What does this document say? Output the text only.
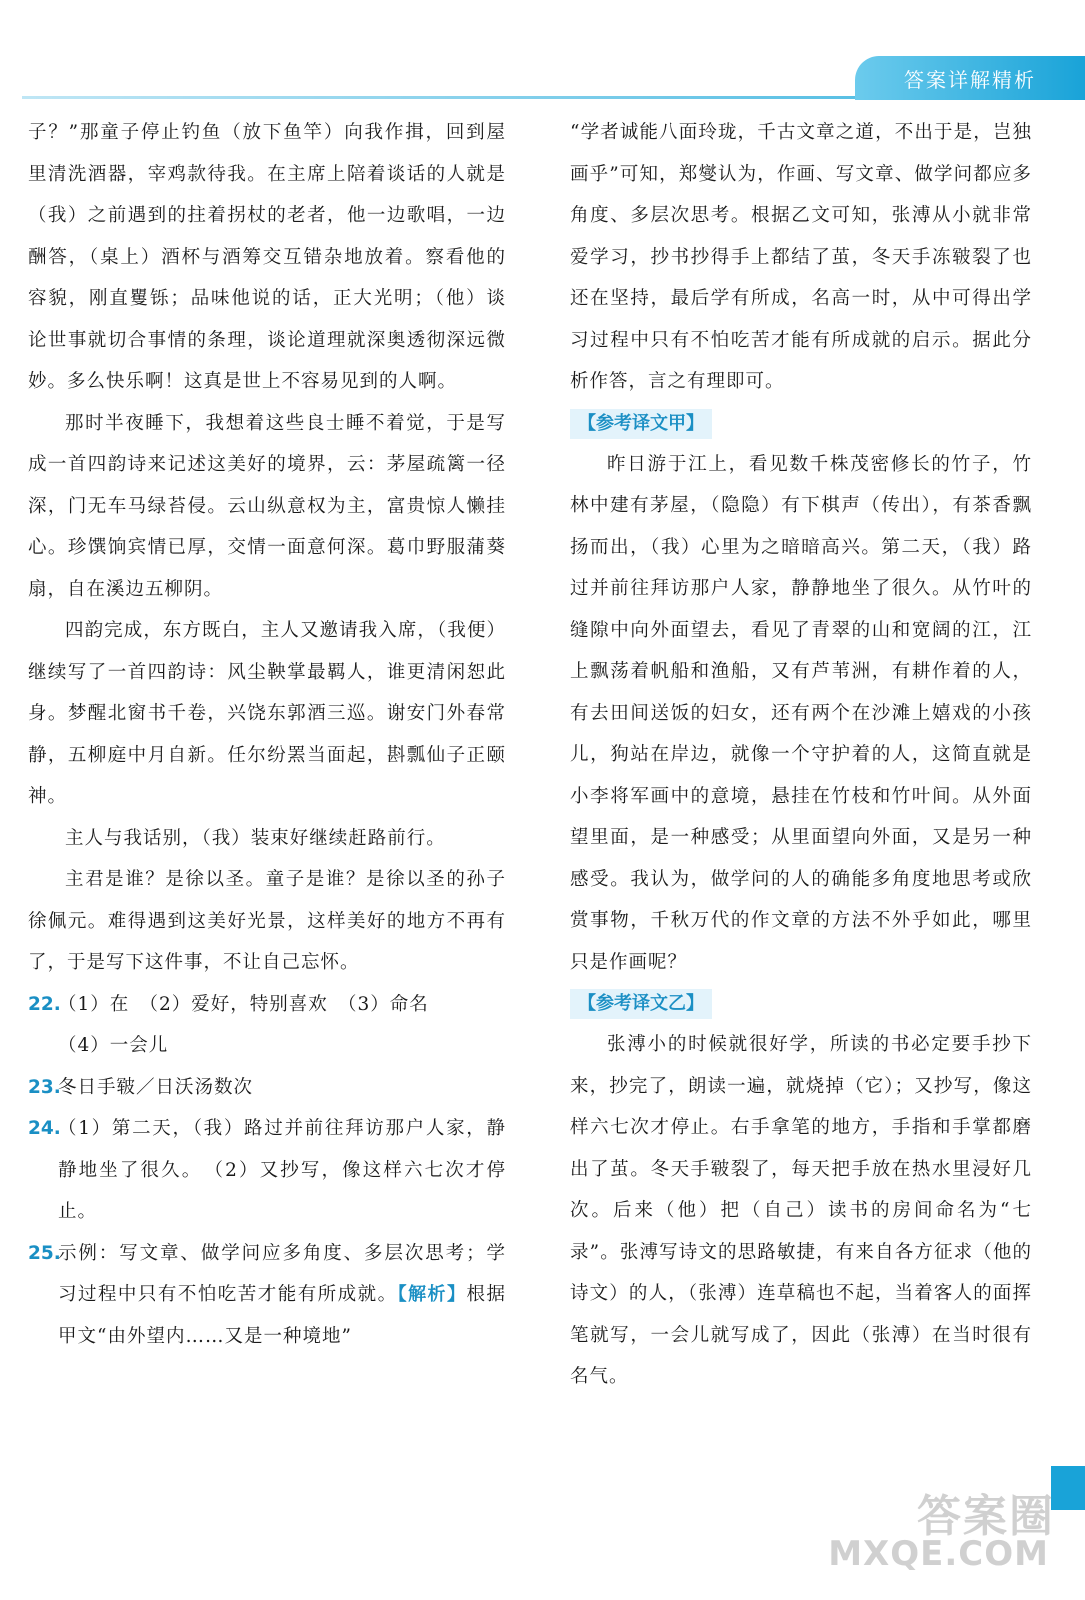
答案详解精析

子？”那童子停止钓鱼（放下鱼竿）向我作揖，回到屋里清洗酒器，宰鸡款待我。在主席上陪着谈话的人就是（我）之前遇到的拄着拐杖的老者，他一边歌唱，一边酬答，（桌上）酒杯与酒筹交互错杂地放着。察看他的容貌，刚直矍铄；品味他说的话，正大光明；（他）谈论世事就切合事情的条理，谈论道理就深奥透彻深远微妙。多么快乐啊！这真是世上不容易见到的人啊。

那时半夜睡下，我想着这些良士睡不着觉，于是写成一首四韵诗来记述这美好的境界，云：茅屋疏篱一径深，门无车马绿苔侵。云山纵意权为主，富贵惊人懒挂心。珍馔饷宾情已厚，交情一面意何深。葛巾野服蒲葵扇，自在溪边五柳阴。

四韵完成，东方既白，主人又邀请我入席，（我便）继续写了一首四韵诗：风尘鞅掌最羁人，谁更清闲恕此身。梦醒北窗书千卷，兴饶东郭酒三巡。谢安门外春常静，五柳庭中月自新。任尔纷罴当面起，斟瓢仙子正颐神。

主人与我话别，（我）装束好继续赶路前行。

主君是谁？是徐以圣。童子是谁？是徐以圣的孙子徐佩元。难得遇到这美好光景，这样美好的地方不再有了，于是写下这件事，不让自己忘怀。

22.
（1）在　（2）爱好，特别喜欢　（3）命名
（4）一会儿
23.
冬日手皲／日沃汤数次
24.
（1）第二天，（我）路过并前往拜访那户人家，静静地坐了很久。　（2）又抄写，像这样六七次才停止。
25.
示例：写文章、做学问应多角度、多层次思考；学习过程中只有不怕吃苦才能有所成就。【解析】根据甲文“由外望内……又是一种境地”

“学者诚能八面玲珑，千古文章之道，不出于是，岂独画乎”可知，郑燮认为，作画、写文章、做学问都应多角度、多层次思考。根据乙文可知，张溥从小就非常爱学习，抄书抄得手上都结了茧，冬天手冻皲裂了也还在坚持，最后学有所成，名高一时，从中可得出学习过程中只有不怕吃苦才能有所成就的启示。据此分析作答，言之有理即可。

【参考译文甲】

昨日游于江上，看见数千株茂密修长的竹子，竹林中建有茅屋，（隐隐）有下棋声（传出），有茶香飘扬而出，（我）心里为之暗暗高兴。第二天，（我）路过并前往拜访那户人家，静静地坐了很久。从竹叶的缝隙中向外面望去，看见了青翠的山和宽阔的江，江上飘荡着帆船和渔船，又有芦苇洲，有耕作着的人，有去田间送饭的妇女，还有两个在沙滩上嬉戏的小孩儿，狗站在岸边，就像一个守护着的人，这简直就是小李将军画中的意境，悬挂在竹枝和竹叶间。从外面望里面，是一种感受；从里面望向外面，又是另一种感受。我认为，做学问的人的确能多角度地思考或欣赏事物，千秋万代的作文章的方法不外乎如此，哪里只是作画呢？

【参考译文乙】

张溥小的时候就很好学，所读的书必定要手抄下来，抄完了，朗读一遍，就烧掉（它）；又抄写，像这样六七次才停止。右手拿笔的地方，手指和手掌都磨出了茧。冬天手皲裂了，每天把手放在热水里浸好几次。后来（他）把（自己）读书的房间命名为“七录”。张溥写诗文的思路敏捷，有来自各方征求（他的诗文）的人，（张溥）连草稿也不起，当着客人的面挥笔就写，一会儿就写成了，因此（张溥）在当时很有名气。

答案圈
MXQE.COM
